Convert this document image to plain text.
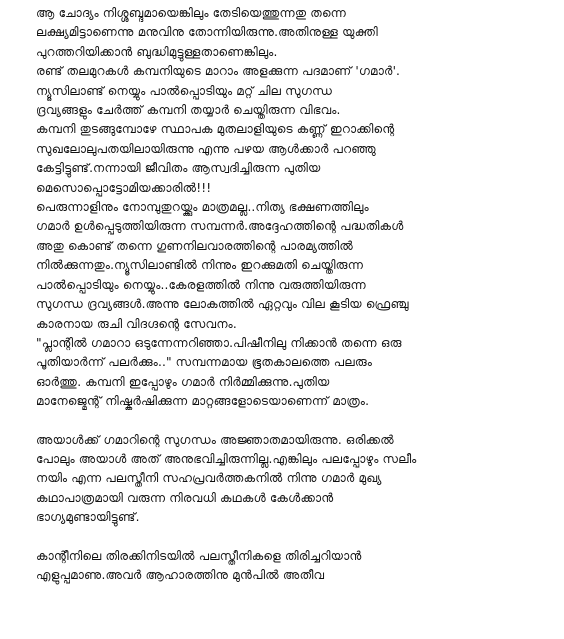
ആ ചോദ്യം നിശ്ശബ്ദമായെങ്കിലും തേടിയെത്തുന്നതു തന്നെ
ലക്ഷ്യമിട്ടാണെന്നു മനുവിനു തോന്നിയിരുന്നു.അതിനുള്ള യുക്തി
പുറത്തറിയിക്കാൻ ബുദ്ധിമുട്ടുള്ളതാണെങ്കിലും.
രണ്ട് തലമുറകൾ കമ്പനിയുടെ മാറാം അളക്കുന്ന പദമാണ് 'ഗമാർ'.
ന്യൂസിലാണ്ട് നെയ്യും പാൽപ്പൊടിയും മറ്റ് ചില സുഗന്ധ
ദ്രവ്യങ്ങളും ചേർത്ത് കമ്പനി തയ്യാർ ചെയ്തിരുന്ന വിഭവം.
കമ്പനി തുടങ്ങുമ്പോഴേ സ്ഥാപക മുതലാളിയുടെ കണ്ണ് ഇറാക്കിന്റെ
സുഖലോലുപതയിലായിരുന്നു എന്നു പഴയ ആൾക്കാർ പറഞ്ഞു
കേട്ടിട്ടുണ്ട്.നന്നായി ജീവിതം ആസ്വദിച്ചിരുന്ന പുതിയ
മെസൊപ്പൊട്ടോമിയക്കാരിൽ!!!
പെരുന്നാളിനും നോമ്പുതുറയ്ക്കും മാത്രമല്ല..നിത്യ ഭക്ഷണത്തിലും
ഗമാർ ഉൾപ്പെടുത്തിയിരുന്ന സമ്പന്നർ.അദ്ദേഹത്തിന്റെ പദ്ധതികൾ
അതു കൊണ്ട് തന്നെ ഗുണനിലവാരത്തിന്റെ പാരമ്യത്തിൽ
നിൽക്കുന്നതും.ന്യൂസിലാണ്ടിൽ നിന്നും ഇറക്കുമതി ചെയ്തിരുന്ന
പാൽപ്പൊടിയും നെയ്യും..കേരളത്തിൽ നിന്നു വരുത്തിയിരുന്ന
സുഗന്ധ ദ്രവ്യങ്ങൾ.അന്നു ലോകത്തിൽ ഏറ്റവും വില കൂടിയ ഫ്രെഞ്ചു
കാരനായ രുചി വിദഗ്ദന്റെ സേവനം.
"പ്ലാന്റിൽ ഗമാറാ ഒടുന്നേന്നറിഞ്ഞാ.പിഷീനിലു നിക്കാൻ തന്നെ ഒരു
പൂതിയാർന്ന് പലർക്കും.." സമ്പന്നമായ ഭൂതകാലത്തെ പലരും
ഓർത്തു. കമ്പനി ഇപ്പോഴും ഗമാർ നിർമ്മിക്കുന്നു.പുതിയ
മാനേജ്മെന്റ് നിഷ്കർഷിക്കുന്ന മാറ്റങ്ങളോടെയാണെന്ന് മാത്രം.
അയാൾക്ക് ഗമാറിന്റെ സുഗന്ധം അജ്ഞാതമായിരുന്നു. ഒരിക്കൽ
പോലും അയാൾ അത് അനുഭവിച്ചിരുന്നില്ല.എങ്കിലും പലപ്പോഴും സലീം
നയിം എന്ന പലസ്തീനി സഹപ്രവർത്തകനിൽ നിന്നു ഗമാർ മുഖ്യ
കഥാപാത്രമായി വരുന്ന നിരവധി കഥകൾ കേൾക്കാൻ
ഭാഗ്യമുണ്ടായിട്ടുണ്ട്.
കാന്റീനിലെ തിരക്കിനിടയിൽ പലസ്തീനികളെ തിരിച്ചറിയാൻ
എളുപ്പമാണു.അവർ ആഹാരത്തിനു മുൻപിൽ അതീവ
